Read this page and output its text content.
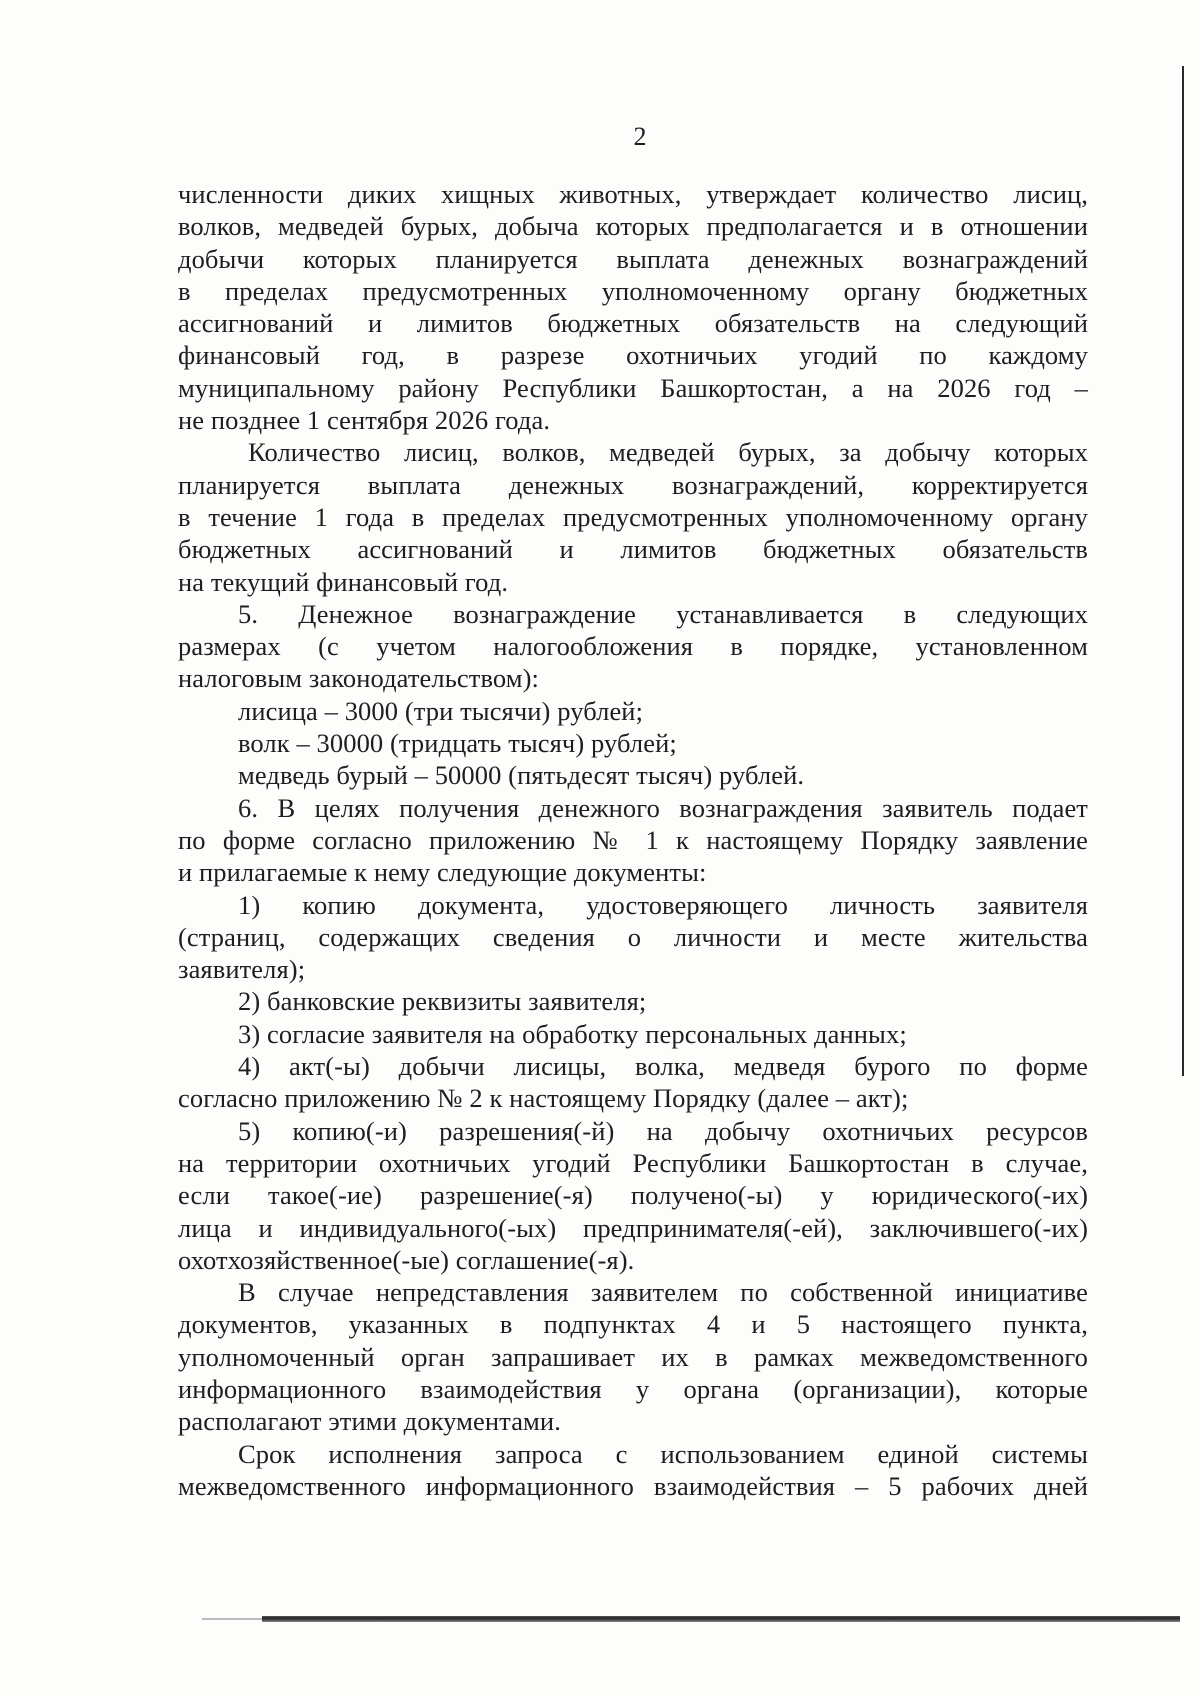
2
численности диких хищных животных, утверждает количество лисиц,
волков, медведей бурых, добыча которых предполагается и в отношении
добычи которых планируется выплата денежных вознаграждений
в пределах предусмотренных уполномоченному органу бюджетных
ассигнований и лимитов бюджетных обязательств на следующий
финансовый год, в разрезе охотничьих угодий по каждому
муниципальному району Республики Башкортостан, а на 2026 год –
не позднее 1 сентября 2026 года.
Количество лисиц, волков, медведей бурых, за добычу которых
планируется выплата денежных вознаграждений, корректируется
в течение 1 года в пределах предусмотренных уполномоченному органу
бюджетных ассигнований и лимитов бюджетных обязательств
на текущий финансовый год.
5. Денежное вознаграждение устанавливается в следующих
размерах (с учетом налогообложения в порядке, установленном
налоговым законодательством):
лисица – 3000 (три тысячи) рублей;
волк – 30000 (тридцать тысяч) рублей;
медведь бурый – 50000 (пятьдесят тысяч) рублей.
6. В целях получения денежного вознаграждения заявитель подает
по форме согласно приложению № 1 к настоящему Порядку заявление
и прилагаемые к нему следующие документы:
1) копию документа, удостоверяющего личность заявителя
(страниц, содержащих сведения о личности и месте жительства
заявителя);
2) банковские реквизиты заявителя;
3) согласие заявителя на обработку персональных данных;
4) акт(-ы) добычи лисицы, волка, медведя бурого по форме
согласно приложению № 2 к настоящему Порядку (далее – акт);
5) копию(-и) разрешения(-й) на добычу охотничьих ресурсов
на территории охотничьих угодий Республики Башкортостан в случае,
если такое(-ие) разрешение(-я) получено(-ы) у юридического(-их)
лица и индивидуального(-ых) предпринимателя(-ей), заключившего(-их)
охотхозяйственное(-ые) соглашение(-я).
В случае непредставления заявителем по собственной инициативе
документов, указанных в подпунктах 4 и 5 настоящего пункта,
уполномоченный орган запрашивает их в рамках межведомственного
информационного взаимодействия у органа (организации), которые
располагают этими документами.
Срок исполнения запроса с использованием единой системы
межведомственного информационного взаимодействия – 5 рабочих дней
